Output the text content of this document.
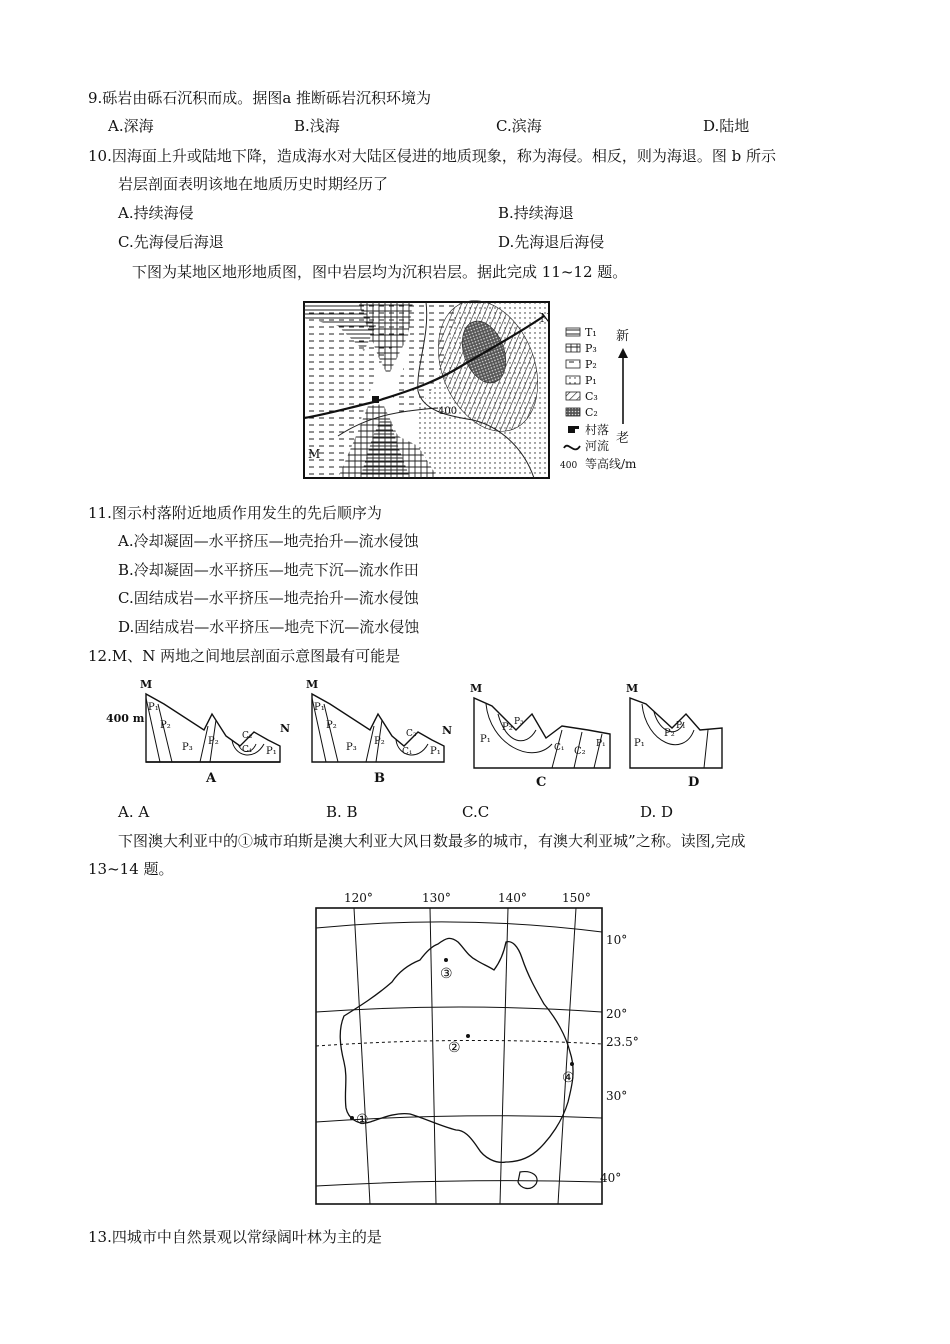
9.砾岩由砾石沉积而成。据图a 推断砾岩沉积环境为
A.深海	B.浅海	C.滨海	D.陆地
10.因海面上升或陆地下降，造成海水对大陆区侵进的地质现象，称为海侵。相反，则为海退。图 b 所示
岩层剖面表明该地在地质历史时期经历了
A.持续海侵	B.持续海退
C.先海侵后海退	D.先海退后海侵
下图为某地区地形地质图，图中岩层均为沉积岩层。据此完成 11~12 题。
N
M
400
T₁
P₃
P₂
P₁
C₃
C₂
村落
河流
400 等高线/m
新
老
11.图示村落附近地质作用发生的先后顺序为
A.冷却凝固—水平挤压—地壳抬升—流水侵蚀
B.冷却凝固—水平挤压—地壳下沉—流水作田
C.固结成岩—水平挤压—地壳抬升—流水侵蚀
D.固结成岩—水平挤压—地壳下沉—流水侵蚀
12.M、N 两地之间地层剖面示意图最有可能是
M
400 m
N
P₁
P₂
P₃
P₂	C₂
C₁ P₁
A
M
N
P₁
P₂
P₃
P₂
C₂
C₁ P₁
B
M
P₁
P₂ P₃
C₁ C₂
P₁
C
M
P₁
P₂
P₁
D
A. A	B. B	C.C	D. D
下图澳大利亚中的①城市珀斯是澳大利亚大风日数最多的城市，有澳大利亚城”之称。读图,完成
13~14 题。
120°	130°	140°	150°
10°
20°
23.5°
30°
40°
①
②
③
④
13.四城市中自然景观以常绿阔叶林为主的是
